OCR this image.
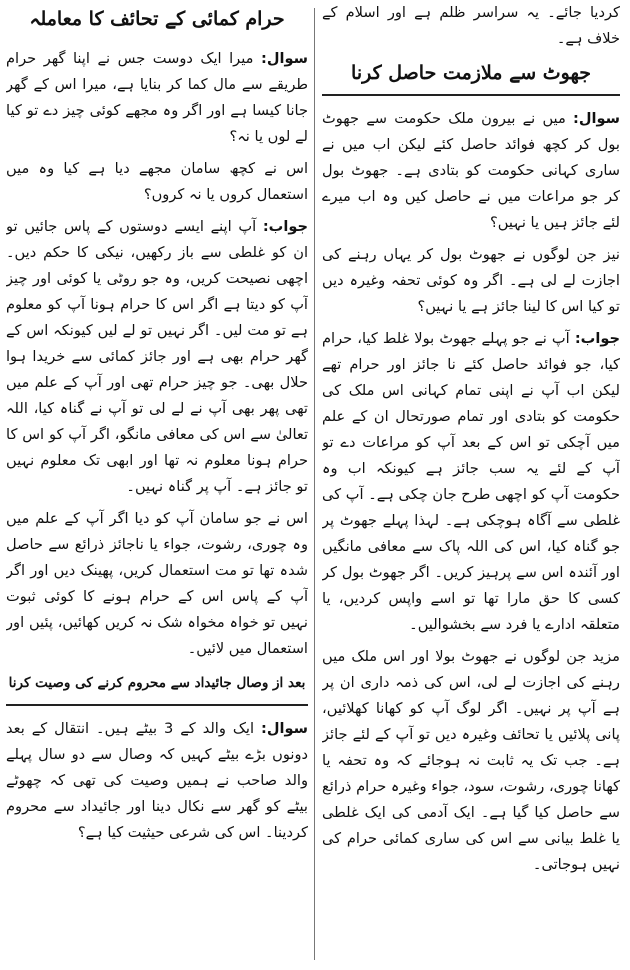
کردیا جائے۔ یہ سراسر ظلم ہے اور اسلام کے خلاف ہے۔

جھوٹ سے ملازمت حاصل کرنا

سوال: میں نے بیرون ملک حکومت سے جھوٹ بول کر کچھ فوائد حاصل کئے لیکن اب میں نے ساری کہانی حکومت کو بتادی ہے۔ جھوٹ بول کر جو مراعات میں نے حاصل کیں وہ اب میرے لئے جائز ہیں یا نہیں؟

نیز جن لوگوں نے جھوٹ بول کر یہاں رہنے کی اجازت لے لی ہے۔ اگر وہ کوئی تحفہ وغیرہ دیں تو کیا اس کا لینا جائز ہے یا نہیں؟

جواب: آپ نے جو پہلے جھوٹ بولا غلط کیا، حرام کیا، جو فوائد حاصل کئے نا جائز اور حرام تھے لیکن اب آپ نے اپنی تمام کہانی اس ملک کی حکومت کو بتادی اور تمام صورتحال ان کے علم میں آچکی تو اس کے بعد آپ کو مراعات دے تو آپ کے لئے یہ سب جائز ہے کیونکہ اب وہ حکومت آپ کو اچھی طرح جان چکی ہے۔ آپ کی غلطی سے آگاہ ہوچکی ہے۔ لہذا پہلے جھوٹ پر جو گناہ کیا، اس کی اللہ پاک سے معافی مانگیں اور آئندہ اس سے پرہیز کریں۔ اگر جھوٹ بول کر کسی کا حق مارا تھا تو اسے واپس کردیں، یا متعلقہ ادارے یا فرد سے بخشوالیں۔

مزید جن لوگوں نے جھوٹ بولا اور اس ملک میں رہنے کی اجازت لے لی، اس کی ذمہ داری ان پر ہے آپ پر نہیں۔ اگر لوگ آپ کو کھانا کھلائیں، پانی پلائیں یا تحائف وغیرہ دیں تو آپ کے لئے جائز ہے۔ جب تک یہ ثابت نہ ہوجائے کہ وہ تحفہ یا کھانا چوری، رشوت، سود، جواء وغیرہ حرام ذرائع سے حاصل کیا گیا ہے۔ ایک آدمی کی ایک غلطی یا غلط بیانی سے اس کی ساری کمائی حرام کی نہیں ہوجاتی۔

حرام کمائی کے تحائف کا معاملہ

سوال: میرا ایک دوست جس نے اپنا گھر حرام طریقے سے مال کما کر بنایا ہے، میرا اس کے گھر جانا کیسا ہے اور اگر وہ مجھے کوئی چیز دے تو کیا لے لوں یا نہ؟

اس نے کچھ سامان مجھے دیا ہے کیا وہ میں استعمال کروں یا نہ کروں؟

جواب: آپ اپنے ایسے دوستوں کے پاس جائیں تو ان کو غلطی سے باز رکھیں، نیکی کا حکم دیں۔ اچھی نصیحت کریں، وہ جو روٹی یا کوئی اور چیز آپ کو دیتا ہے اگر اس کا حرام ہونا آپ کو معلوم ہے تو مت لیں۔ اگر نہیں تو لے لیں کیونکہ اس کے گھر حرام بھی ہے اور جائز کمائی سے خریدا ہوا حلال بھی۔ جو چیز حرام تھی اور آپ کے علم میں تھی پھر بھی آپ نے لے لی تو آپ نے گناہ کیا، اللہ تعالیٰ سے اس کی معافی مانگو، اگر آپ کو اس کا حرام ہونا معلوم نہ تھا اور ابھی تک معلوم نہیں تو جائز ہے۔ آپ پر گناہ نہیں۔

اس نے جو سامان آپ کو دیا اگر آپ کے علم میں وہ چوری، رشوت، جواء یا ناجائز ذرائع سے حاصل شدہ تھا تو مت استعمال کریں، پھینک دیں اور اگر آپ کے پاس اس کے حرام ہونے کا کوئی ثبوت نہیں تو خواہ مخواہ شک نہ کریں کھائیں، پئیں اور استعمال میں لائیں۔

بعد از وصال جائیداد سے محروم کرنے کی وصیت کرنا

سوال: ایک والد کے 3 بیٹے ہیں۔ انتقال کے بعد دونوں بڑے بیٹے کہیں کہ وصال سے دو سال پہلے والد صاحب نے ہمیں وصیت کی تھی کہ چھوٹے بیٹے کو گھر سے نکال دینا اور جائیداد سے محروم کردینا۔ اس کی شرعی حیثیت کیا ہے؟
